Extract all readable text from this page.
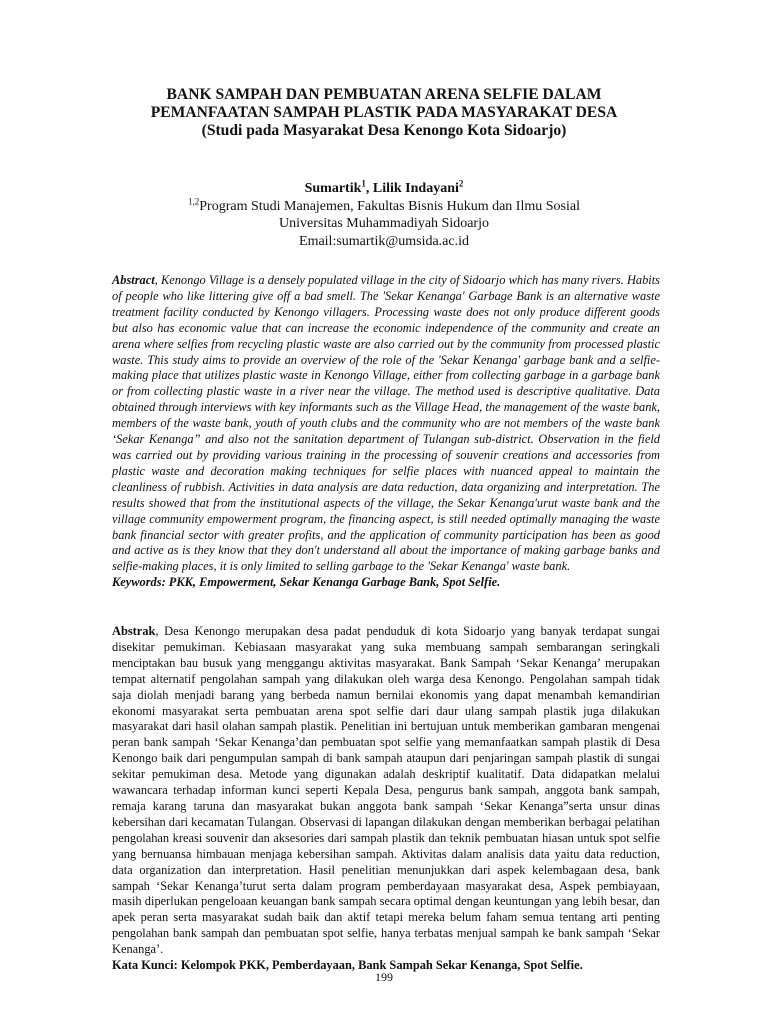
BANK SAMPAH DAN PEMBUATAN ARENA SELFIE DALAM
PEMANFAATAN SAMPAH PLASTIK PADA MASYARAKAT DESA
(Studi pada Masyarakat Desa Kenongo Kota Sidoarjo)
Sumartik$^1$, Lilik Indayani$^2$
$^{1,2}$Program Studi Manajemen, Fakultas Bisnis Hukum dan Ilmu Sosial
Universitas Muhammadiyah Sidoarjo
Email:sumartik@umsida.ac.id
Abstract, Kenongo Village is a densely populated village in the city of Sidoarjo which has many rivers. Habits of people who like littering give off a bad smell. The 'Sekar Kenanga' Garbage Bank is an alternative waste treatment facility conducted by Kenongo villagers. Processing waste does not only produce different goods but also has economic value that can increase the economic independence of the community and create an arena where selfies from recycling plastic waste are also carried out by the community from processed plastic waste. This study aims to provide an overview of the role of the 'Sekar Kenanga' garbage bank and a selfie-making place that utilizes plastic waste in Kenongo Village, either from collecting garbage in a garbage bank or from collecting plastic waste in a river near the village. The method used is descriptive qualitative. Data obtained through interviews with key informants such as the Village Head, the management of the waste bank, members of the waste bank, youth of youth clubs and the community who are not members of the waste bank ‘Sekar Kenanga” and also not the sanitation department of Tulangan sub-district. Observation in the field was carried out by providing various training in the processing of souvenir creations and accessories from plastic waste and decoration making techniques for selfie places with nuanced appeal to maintain the cleanliness of rubbish. Activities in data analysis are data reduction, data organizing and interpretation. The results showed that from the institutional aspects of the village, the Sekar Kenanga'urut waste bank and the village community empowerment program, the financing aspect, is still needed optimally managing the waste bank financial sector with greater profits, and the application of community participation has been as good and active as is they know that they don't understand all about the importance of making garbage banks and selfie-making places, it is only limited to selling garbage to the 'Sekar Kenanga' waste bank.
Keywords: PKK, Empowerment, Sekar Kenanga Garbage Bank, Spot Selfie.
Abstrak, Desa Kenongo merupakan desa padat penduduk di kota Sidoarjo yang banyak terdapat sungai disekitar pemukiman. Kebiasaan masyarakat yang suka membuang sampah sembarangan seringkali menciptakan bau busuk yang menggangu aktivitas masyarakat. Bank Sampah ‘Sekar Kenanga’ merupakan tempat alternatif pengolahan sampah yang dilakukan oleh warga desa Kenongo. Pengolahan sampah tidak saja diolah menjadi barang yang berbeda namun bernilai ekonomis yang dapat menambah kemandirian ekonomi masyarakat serta pembuatan arena spot selfie dari daur ulang sampah plastik juga dilakukan masyarakat dari hasil olahan sampah plastik. Penelitian ini bertujuan untuk memberikan gambaran mengenai peran bank sampah ‘Sekar Kenanga’dan pembuatan spot selfie yang memanfaatkan sampah plastik di Desa Kenongo baik dari pengumpulan sampah di bank sampah ataupun dari penjaringan sampah plastik di sungai sekitar pemukiman desa. Metode yang digunakan adalah deskriptif kualitatif. Data didapatkan melalui wawancara terhadap informan kunci seperti Kepala Desa, pengurus bank sampah, anggota bank sampah, remaja karang taruna dan masyarakat bukan anggota bank sampah ‘Sekar Kenanga”serta unsur dinas kebersihan dari kecamatan Tulangan. Observasi di lapangan dilakukan dengan memberikan berbagai pelatihan pengolahan kreasi souvenir dan aksesories dari sampah plastik dan teknik pembuatan hiasan untuk spot selfie yang bernuansa himbauan menjaga kebersihan sampah. Aktivitas dalam analisis data yaitu data reduction, data organization dan interpretation. Hasil penelitian menunjukkan dari aspek kelembagaan desa, bank sampah ‘Sekar Kenanga’turut serta dalam program pemberdayaan masyarakat desa, Aspek pembiayaan, masih diperlukan pengeloaan keuangan bank sampah secara optimal dengan keuntungan yang lebih besar, dan apek peran serta masyarakat sudah baik dan aktif tetapi mereka belum faham semua tentang arti penting pengolahan bank sampah dan pembuatan spot selfie, hanya terbatas menjual sampah ke bank sampah ‘Sekar Kenanga’.
Kata Kunci: Kelompok PKK, Pemberdayaan, Bank Sampah Sekar Kenanga, Spot Selfie.
199
